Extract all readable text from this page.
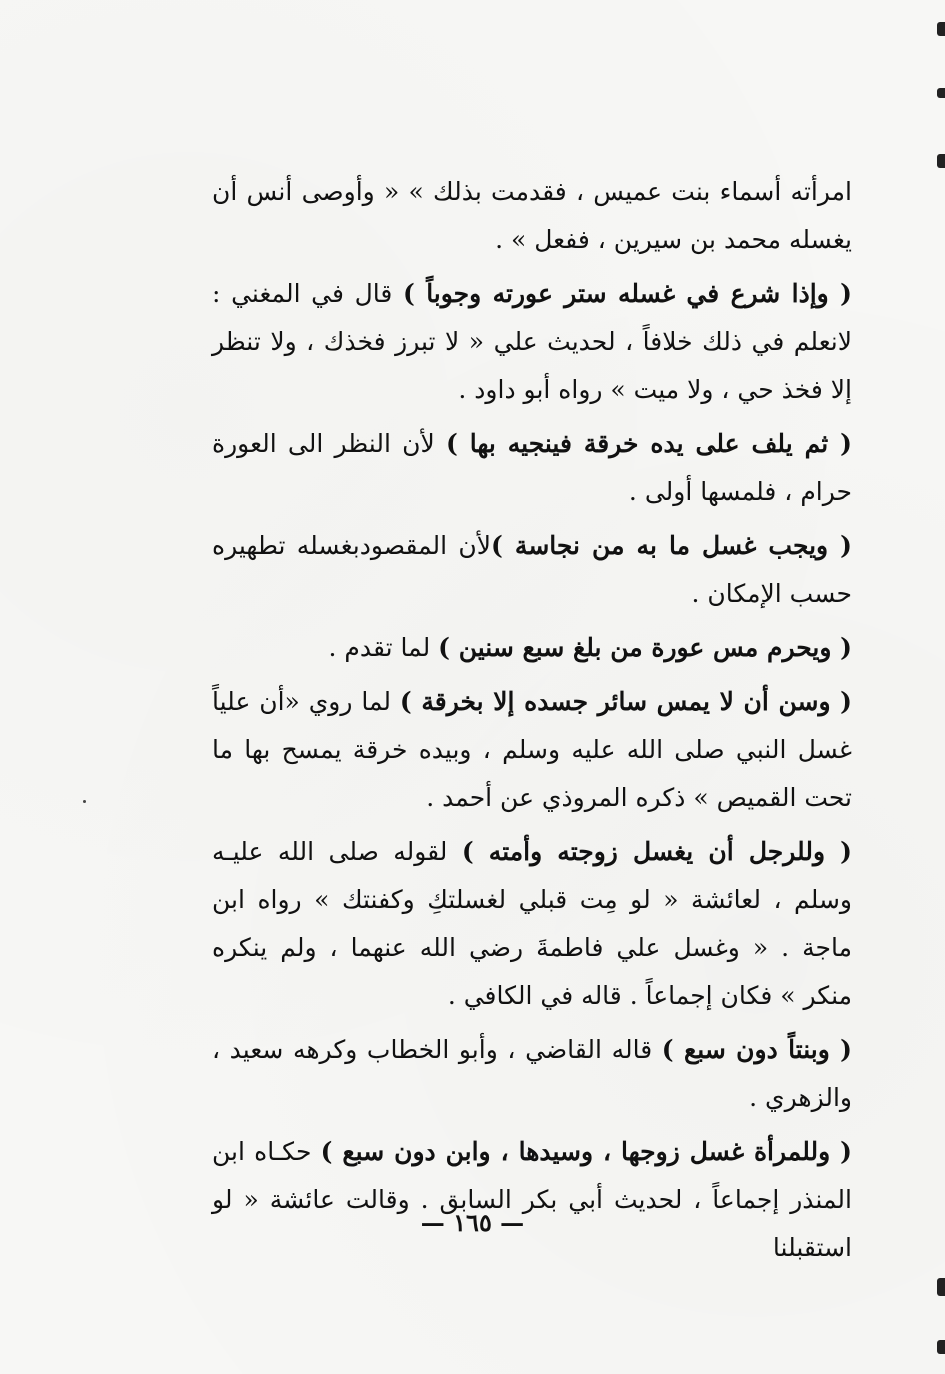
امرأته أسماء بنت عميس ، فقدمت بذلك » « وأوصى أنس أن يغسله محمد بن سيرين ، ففعل » .

( وإذا شرع في غسله ستر عورته وجوباً ) قال في المغني : لانعلم في ذلك خلافاً ، لحديث علي « لا تبرز فخذك ، ولا تنظر إلا فخذ حي ، ولا ميت » رواه أبو داود .

( ثم يلف على يده خرقة فينجيه بها ) لأن النظر الى العورة حرام ، فلمسها أولى .

( ويجب غسل ما به من نجاسة )لأن المقصودبغسله تطهيره حسب الإمكان .

( ويحرم مس عورة من بلغ سبع سنين ) لما تقدم .

( وسن أن لا يمس سائر جسده إلا بخرقة ) لما روي «أن علياً غسل النبي صلى الله عليه وسلم ، وبيده خرقة يمسح بها ما تحت القميص » ذكره المروذي عن أحمد .

( وللرجل أن يغسل زوجته وأمته ) لقوله صلى الله عليـه وسلم ، لعائشة « لو مِت قبلي لغسلتكِ وكفنتك » رواه ابن ماجة . « وغسل علي فاطمةَ رضي الله عنهما ، ولم ينكره منكر » فكان إجماعاً . قاله في الكافي .

( وبنتاً دون سبع ) قاله القاضي ، وأبو الخطاب وكرهه سعيد ، والزهري .

( وللمرأة غسل زوجها ، وسيدها ، وابن دون سبع ) حكـاه ابن المنذر إجماعاً ، لحديث أبي بكر السابق . وقالت عائشة « لو استقبلنا

— ١٦٥ —
